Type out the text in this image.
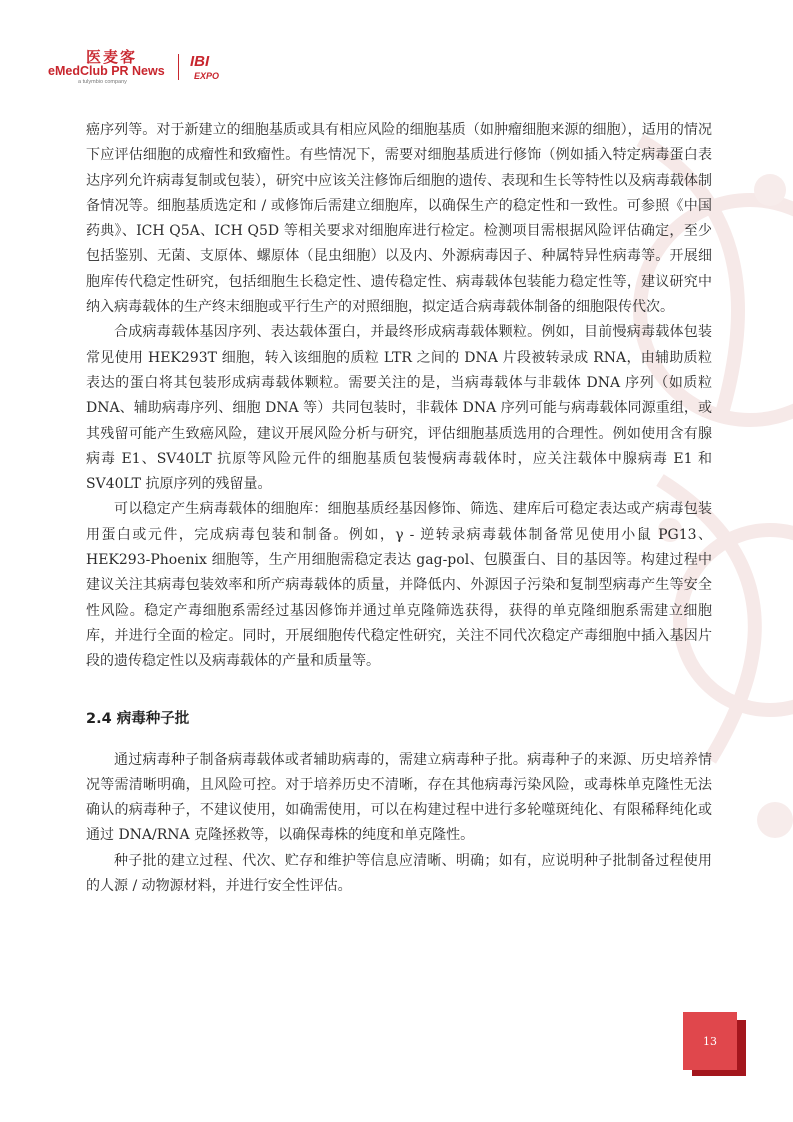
医麦客
eMedClub PR News
a tulymbio company
IBI
EXPO

癌序列等。对于新建立的细胞基质或具有相应风险的细胞基质（如肿瘤细胞来源的细胞），适用的情况下应评估细胞的成瘤性和致瘤性。有些情况下，需要对细胞基质进行修饰（例如插入特定病毒蛋白表达序列允许病毒复制或包装），研究中应该关注修饰后细胞的遗传、表现和生长等特性以及病毒载体制备情况等。细胞基质选定和 / 或修饰后需建立细胞库，以确保生产的稳定性和一致性。可参照《中国药典》、ICH Q5A、ICH Q5D 等相关要求对细胞库进行检定。检测项目需根据风险评估确定，至少包括鉴别、无菌、支原体、螺原体（昆虫细胞）以及内、外源病毒因子、种属特异性病毒等。开展细胞库传代稳定性研究，包括细胞生长稳定性、遗传稳定性、病毒载体包装能力稳定性等，建议研究中纳入病毒载体的生产终末细胞或平行生产的对照细胞，拟定适合病毒载体制备的细胞限传代次。

合成病毒载体基因序列、表达载体蛋白，并最终形成病毒载体颗粒。例如，目前慢病毒载体包装常见使用 HEK293T 细胞，转入该细胞的质粒 LTR 之间的 DNA 片段被转录成 RNA，由辅助质粒表达的蛋白将其包装形成病毒载体颗粒。需要关注的是，当病毒载体与非载体 DNA 序列（如质粒 DNA、辅助病毒序列、细胞 DNA 等）共同包装时，非载体 DNA 序列可能与病毒载体同源重组，或其残留可能产生致癌风险，建议开展风险分析与研究，评估细胞基质选用的合理性。例如使用含有腺病毒 E1、SV40LT 抗原等风险元件的细胞基质包装慢病毒载体时，应关注载体中腺病毒 E1 和 SV40LT 抗原序列的残留量。

可以稳定产生病毒载体的细胞库：细胞基质经基因修饰、筛选、建库后可稳定表达或产病毒包装用蛋白或元件，完成病毒包装和制备。例如，γ - 逆转录病毒载体制备常见使用小鼠 PG13、HEK293-Phoenix 细胞等，生产用细胞需稳定表达 gag-pol、包膜蛋白、目的基因等。构建过程中建议关注其病毒包装效率和所产病毒载体的质量，并降低内、外源因子污染和复制型病毒产生等安全性风险。稳定产毒细胞系需经过基因修饰并通过单克隆筛选获得，获得的单克隆细胞系需建立细胞库，并进行全面的检定。同时，开展细胞传代稳定性研究，关注不同代次稳定产毒细胞中插入基因片段的遗传稳定性以及病毒载体的产量和质量等。

2.4 病毒种子批

通过病毒种子制备病毒载体或者辅助病毒的，需建立病毒种子批。病毒种子的来源、历史培养情况等需清晰明确，且风险可控。对于培养历史不清晰，存在其他病毒污染风险，或毒株单克隆性无法确认的病毒种子，不建议使用，如确需使用，可以在构建过程中进行多轮噬斑纯化、有限稀释纯化或通过 DNA/RNA 克隆拯救等，以确保毒株的纯度和单克隆性。

种子批的建立过程、代次、贮存和维护等信息应清晰、明确；如有，应说明种子批制备过程使用的人源 / 动物源材料，并进行安全性评估。

13
